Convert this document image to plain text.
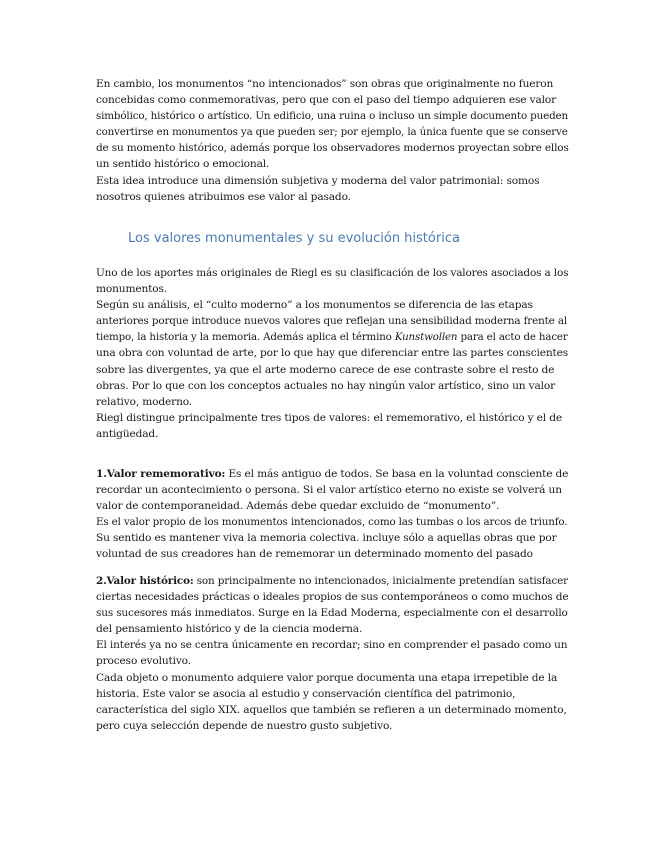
En cambio, los monumentos “no intencionados” son obras que originalmente no fueron
concebidas como conmemorativas, pero que con el paso del tiempo adquieren ese valor
simbólico, histórico o artístico. Un edificio, una ruina o incluso un simple documento pueden
convertirse en monumentos ya que pueden ser; por ejemplo, la única fuente que se conserve
de su momento histórico, además porque los observadores modernos proyectan sobre ellos
un sentido histórico o emocional.
Esta idea introduce una dimensión subjetiva y moderna del valor patrimonial: somos
nosotros quienes atribuimos ese valor al pasado.
Los valores monumentales y su evolución histórica
Uno de los aportes más originales de Riegl es su clasificación de los valores asociados a los
monumentos.
Según su análisis, el “culto moderno” a los monumentos se diferencia de las etapas
anteriores porque introduce nuevos valores que reflejan una sensibilidad moderna frente al
tiempo, la historia y la memoria. Además aplica el término Kunstwollen para el acto de hacer
una obra con voluntad de arte, por lo que hay que diferenciar entre las partes conscientes
sobre las divergentes, ya que el arte moderno carece de ese contraste sobre el resto de
obras. Por lo que con los conceptos actuales no hay ningún valor artístico, sino un valor
relativo, moderno.
Riegl distingue principalmente tres tipos de valores: el rememorativo, el histórico y el de
antigüedad.
1.Valor rememorativo: Es el más antiguo de todos. Se basa en la voluntad consciente de
recordar un acontecimiento o persona. Si el valor artístico eterno no existe se volverá un
valor de contemporaneidad. Además debe quedar excluido de “monumento”.
Es el valor propio de los monumentos intencionados, como las tumbas o los arcos de triunfo.
Su sentido es mantener viva la memoria colectiva. incluye sólo a aquellas obras que por
voluntad de sus creadores han de rememorar un determinado momento del pasado
2.Valor histórico: son principalmente no intencionados, inicialmente pretendían satisfacer
ciertas necesidades prácticas o ideales propios de sus contemporáneos o como muchos de
sus sucesores más inmediatos. Surge en la Edad Moderna, especialmente con el desarrollo
del pensamiento histórico y de la ciencia moderna.
El interés ya no se centra únicamente en recordar; sino en comprender el pasado como un
proceso evolutivo.
Cada objeto o monumento adquiere valor porque documenta una etapa irrepetible de la
historia. Este valor se asocia al estudio y conservación científica del patrimonio,
característica del siglo XIX. aquellos que también se refieren a un determinado momento,
pero cuya selección depende de nuestro gusto subjetivo.
